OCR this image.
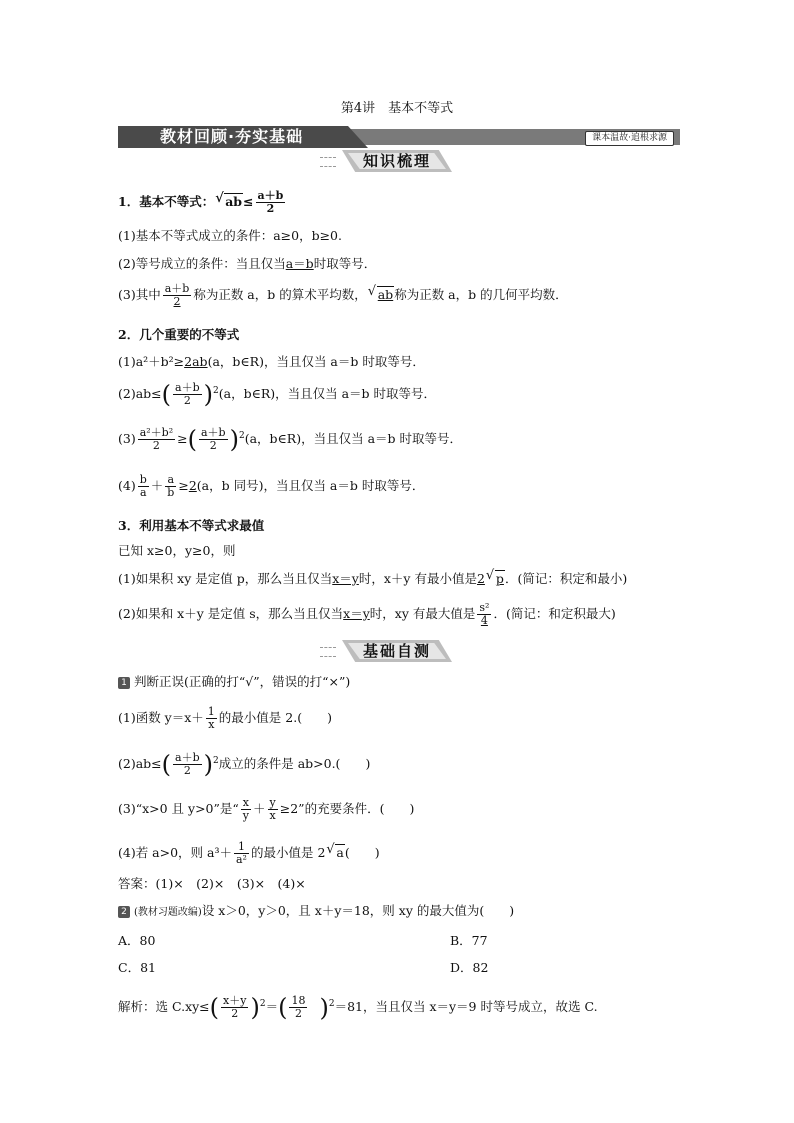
第4讲　基本不等式
教材回顾·夯实基础	课本温故·追根求源
知识梳理
1．基本不等式： √ $ab\le \frac{a+b}{2}$
(1)基本不等式成立的条件：a≥0，b≥0.
(2)等号成立的条件：当且仅当a＝b时取等号．
(3)其中 $\frac{a+b}{2}$ 称为正数 a，b 的算术平均数， √ ab称为正数 a，b 的几何平均数．
2．几个重要的不等式
(1)a²＋b²≥2ab(a，b∈R)，当且仅当 a＝b 时取等号．
$(2)ab\le( \frac{a+b}{2} )^2(a$，b∈R)，当且仅当 a＝b 时取等号．
$(3) \frac{\text{a²＋b²}}{2}$ ≥( $\frac{a+b}{2} )^2(a$，b∈R)，当且仅当 a＝b 时取等号．
$(4) \frac{b}{a} + \frac{a}{b} \ge 2(a$，b 同号)，当且仅当 a＝b 时取等号．
3．利用基本不等式求最值
已知 x≥0，y≥0，则
(1)如果积 xy 是定值 p，那么当且仅当x＝y时，x＋y 有最小值是2 √ p．(简记：积定和最小)
(2)如果和 x＋y 是定值 s，那么当且仅当x＝y时，xy 有最大值是 $\frac{\text{s²}}{4}$ ．(简记：和定积最大)
基础自测
1 判断正误(正确的打“√”，错误的打“×”)
(1)函数 $y=x+ \frac{1}{x}$ 的最小值是 2.(　　)
$(2)ab\le( \frac{a+b}{2} )^2$成立的条件是 ab>0.(　　)
(3)“x>0 且 y>0”是“ $\frac{x}{y} + \frac{y}{x} \ge 2$”的充要条件．(　　)
(4)若 a>0，则 $a^3+ \frac{1}{\text{a²}}$ 的最小值是 2 √ a(　　)
答案：(1)×　(2)×　(3)×　(4)×
2 (教材习题改编)设 x＞0，y＞0，且 x＋y＝18，则 xy 的最大值为(　　)
A．80	B．77
C．81	D．82
解析：选 $C.xy\le( \frac{x+y}{2} )^2=( \frac{18}{2} )^2=81$，当且仅当 x＝y＝9 时等号成立，故选 C.
